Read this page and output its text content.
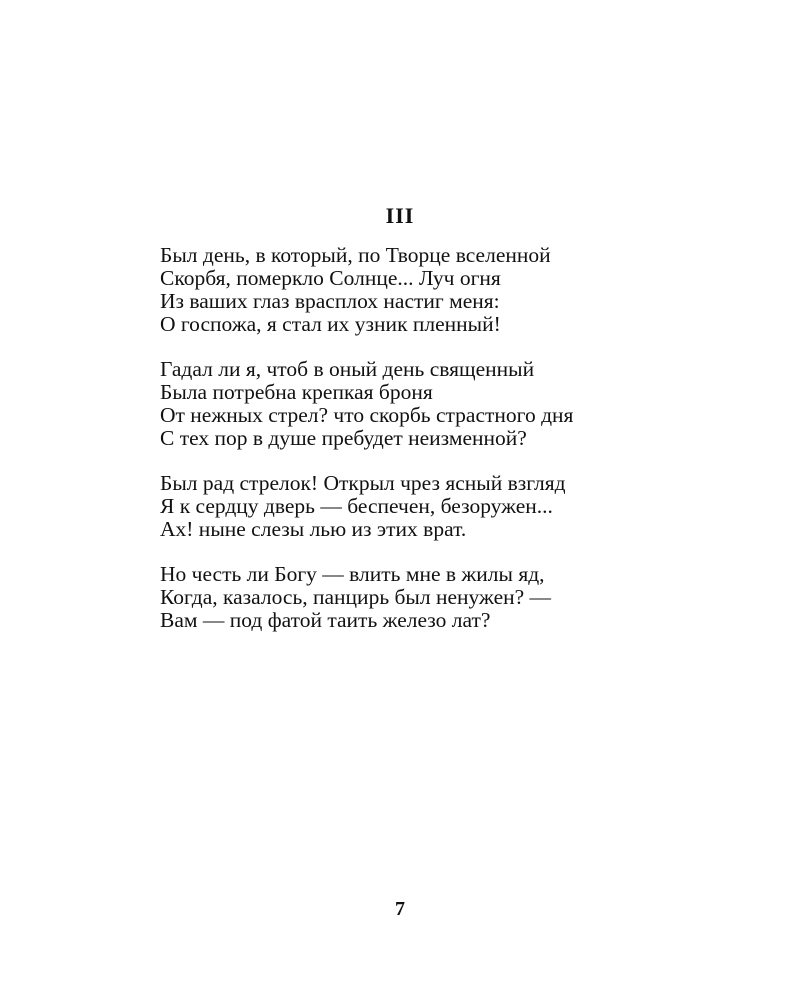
III
Был день, в который, по Творце вселенной
Скорбя, померкло Солнце... Луч огня
Из ваших глаз врасплох настиг меня:
О госпожа, я стал их узник пленный!
Гадал ли я, чтоб в оный день священный
Была потребна крепкая броня
От нежных стрел? что скорбь страстного дня
С тех пор в душе пребудет неизменной?
Был рад стрелок! Открыл чрез ясный взгляд
Я к сердцу дверь — беспечен, безоружен...
Ах! ныне слезы лью из этих врат.
Но честь ли Богу — влить мне в жилы яд,
Когда, казалось, панцирь был ненужен? —
Вам — под фатой таить железо лат?
7
